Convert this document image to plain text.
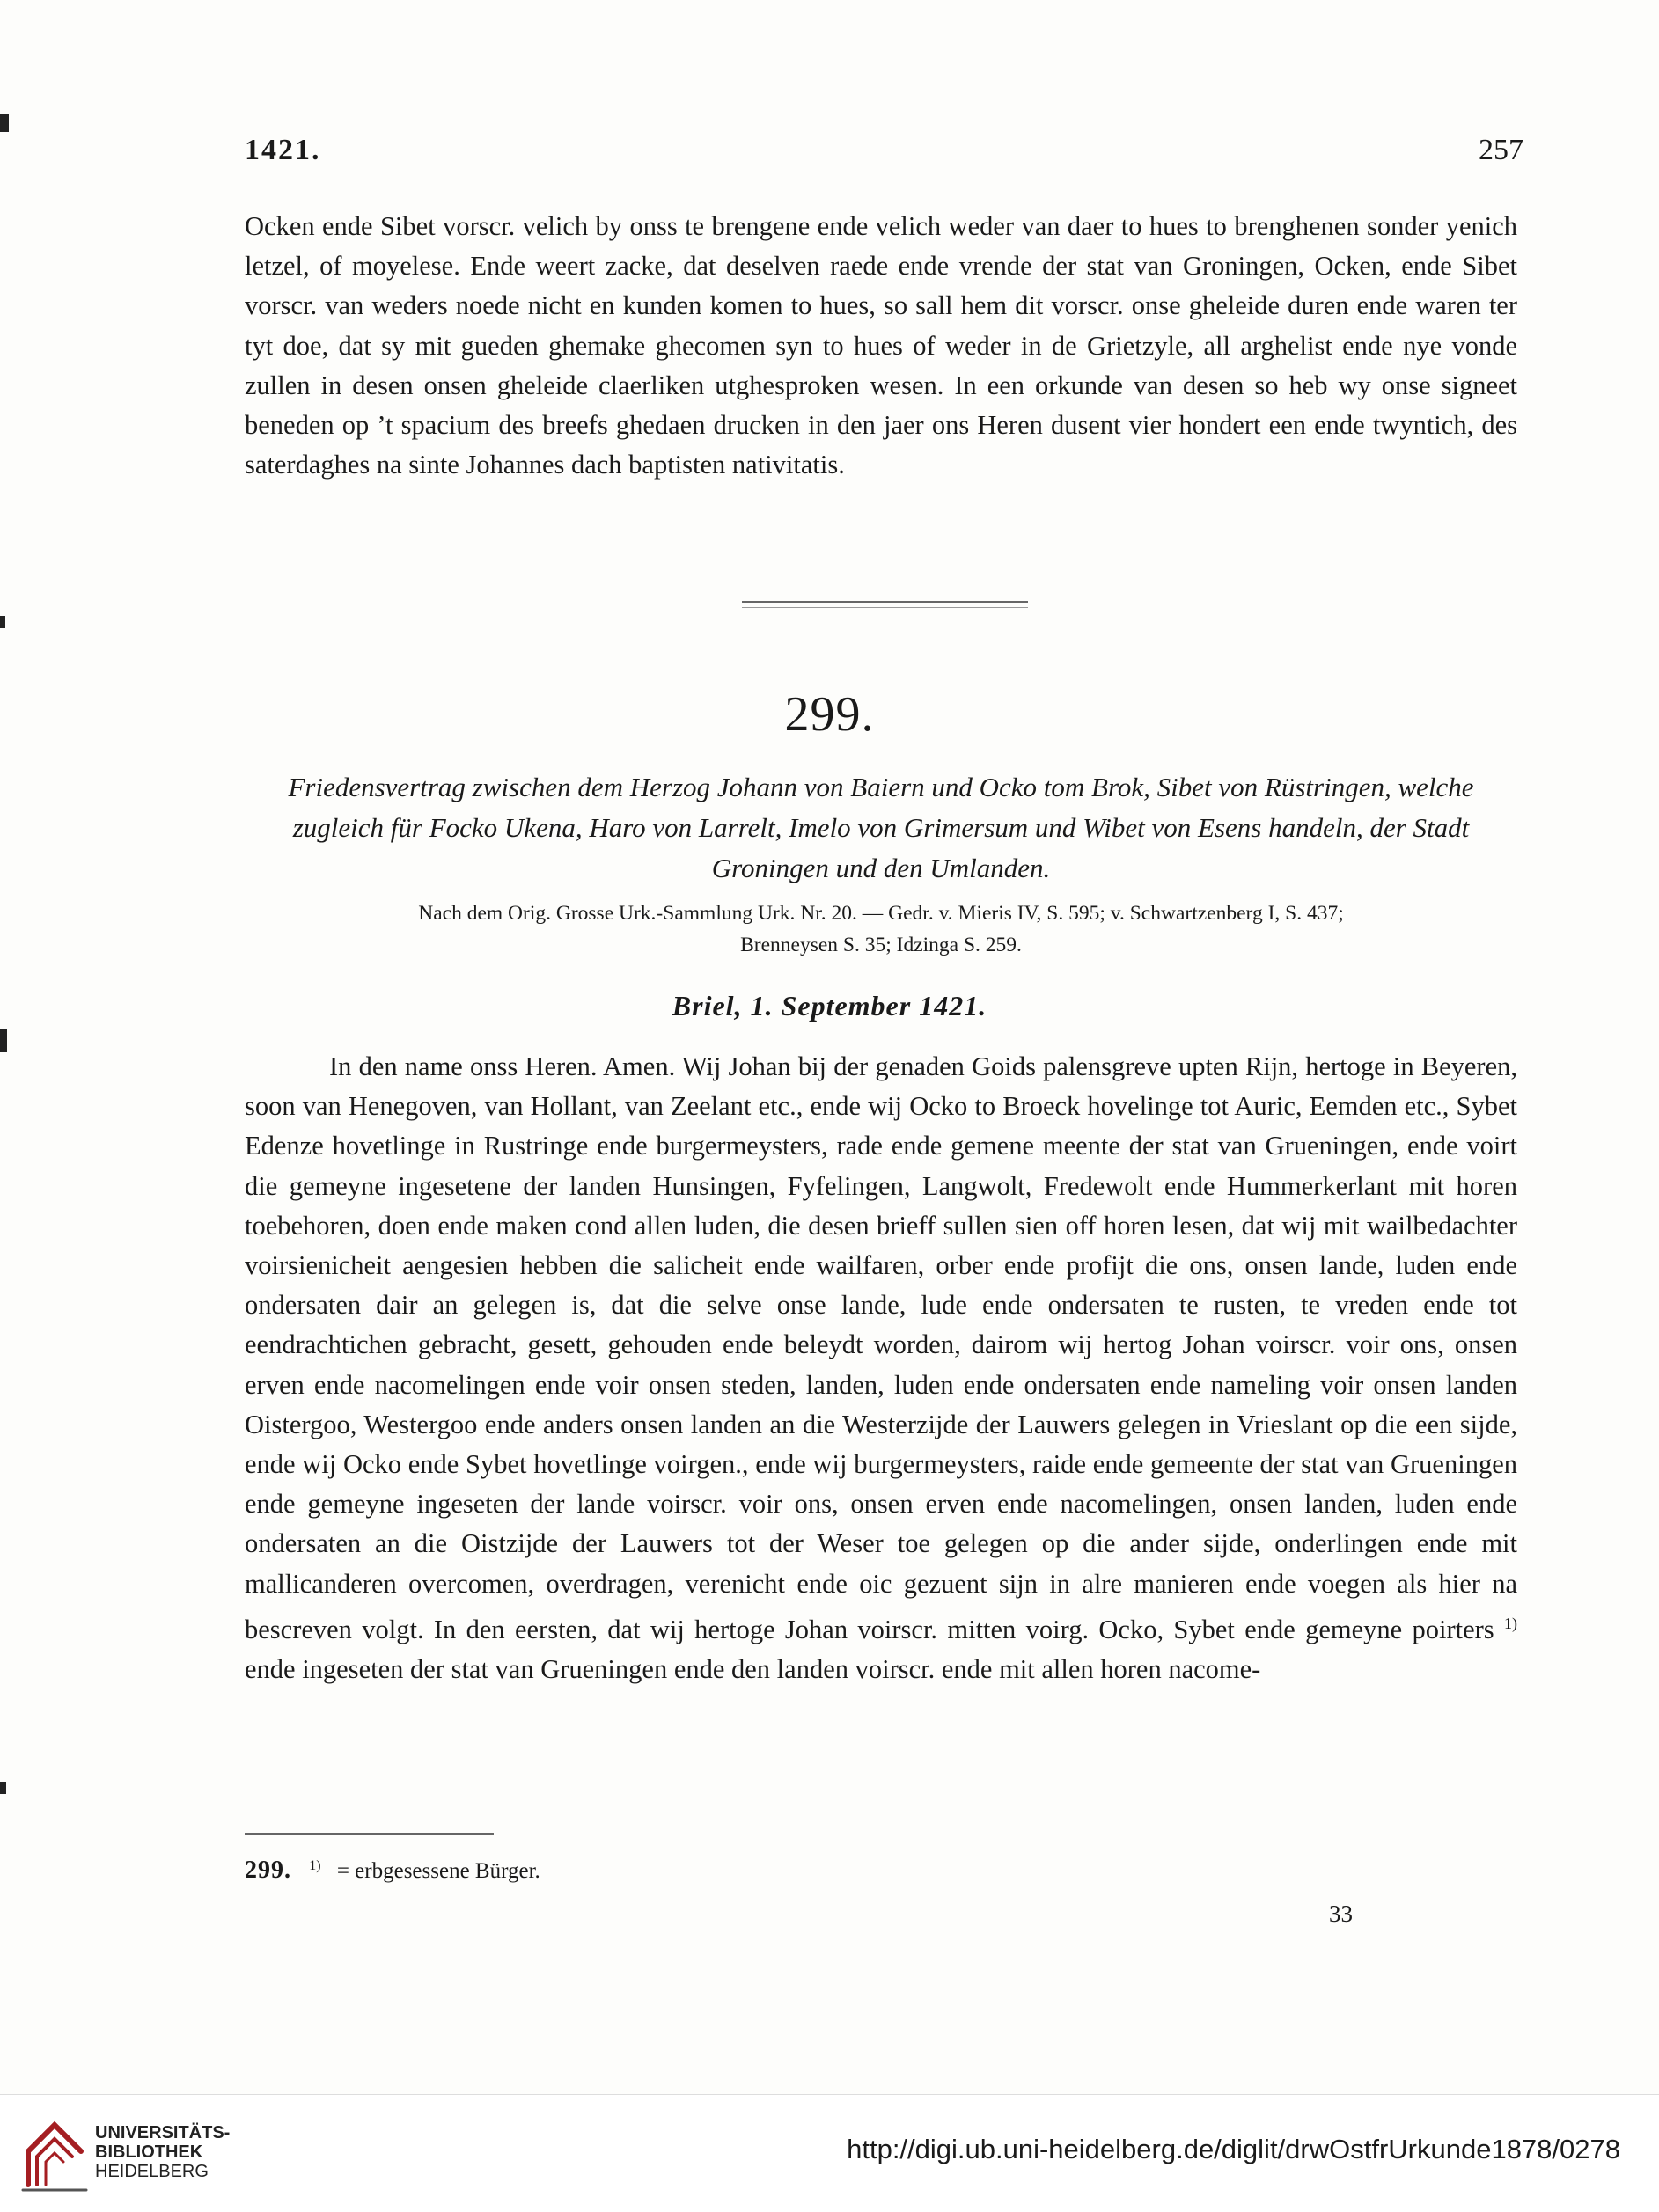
1421.	257

Ocken ende Sibet vorscr. velich by onss te brengene ende velich weder van daer to hues to brenghenen sonder yenich letzel, of moyelese. Ende weert zacke, dat deselven raede ende vrende der stat van Groningen, Ocken, ende Sibet vorscr. van weders noede nicht en kunden komen to hues, so sall hem dit vorscr. onse gheleide duren ende waren ter tyt doe, dat sy mit gueden ghemake ghecomen syn to hues of weder in de Grietzyle, all arghelist ende nye vonde zullen in desen onsen gheleide claerliken utghesproken wesen. In een orkunde van desen so heb wy onse signeet beneden op ’t spacium des breefs ghedaen drucken in den jaer ons Heren dusent vier hondert een ende twyntich, des saterdaghes na sinte Johannes dach baptisten nativitatis.

299.
Friedensvertrag zwischen dem Herzog Johann von Baiern und Ocko tom Brok, Sibet von Rüstringen, welche zugleich für Focko Ukena, Haro von Larrelt, Imelo von Grimersum und Wibet von Esens handeln, der Stadt Groningen und den Umlanden.
Nach dem Orig. Grosse Urk.-Sammlung Urk. Nr. 20. — Gedr. v. Mieris IV, S. 595; v. Schwartzenberg I, S. 437;
Brenneysen S. 35; Idzinga S. 259.
Briel, 1. September 1421.

In den name onss Heren. Amen. Wij Johan bij der genaden Goids palensgreve upten Rijn, hertoge in Beyeren, soon van Henegoven, van Hollant, van Zeelant etc., ende wij Ocko to Broeck hovelinge tot Auric, Eemden etc., Sybet Edenze hovetlinge in Rustringe ende burgermeysters, rade ende gemene meente der stat van Grueningen, ende voirt die gemeyne ingesetene der landen Hunsingen, Fyfelingen, Langwolt, Fredewolt ende Hummerkerlant mit horen toebehoren, doen ende maken cond allen luden, die desen brieff sullen sien off horen lesen, dat wij mit wailbedachter voirsienicheit aengesien hebben die salicheit ende wailfaren, orber ende profijt die ons, onsen lande, luden ende ondersaten dair an gelegen is, dat die selve onse lande, lude ende ondersaten te rusten, te vreden ende tot eendrachtichen gebracht, gesett, gehouden ende beleydt worden, dairom wij hertog Johan voirscr. voir ons, onsen erven ende nacomelingen ende voir onsen steden, landen, luden ende ondersaten ende nameling voir onsen landen Oistergoo, Westergoo ende anders onsen landen an die Westerzijde der Lauwers gelegen in Vrieslant op die een sijde, ende wij Ocko ende Sybet hovetlinge voirgen., ende wij burgermeysters, raide ende gemeente der stat van Grueningen ende gemeyne ingeseten der lande voirscr. voir ons, onsen erven ende nacomelingen, onsen landen, luden ende ondersaten an die Oistzijde der Lauwers tot der Weser toe gelegen op die ander sijde, onderlingen ende mit mallicanderen overcomen, overdragen, verenicht ende oic gezuent sijn in alre manieren ende voegen als hier na bescreven volgt. In den eersten, dat wij hertoge Johan voirscr. mitten voirg. Ocko, Sybet ende gemeyne poirters $^{1)}$ ende ingeseten der stat van Grueningen ende den landen voirscr. ende mit allen horen nacome-

299. $^{1)}$ = erbgesessene Bürger.
33
UNIVERSITÄTS-
BIBLIOTHEK
HEIDELBERG
http://digi.ub.uni-heidelberg.de/diglit/drwOstfrUrkunde1878/0278
